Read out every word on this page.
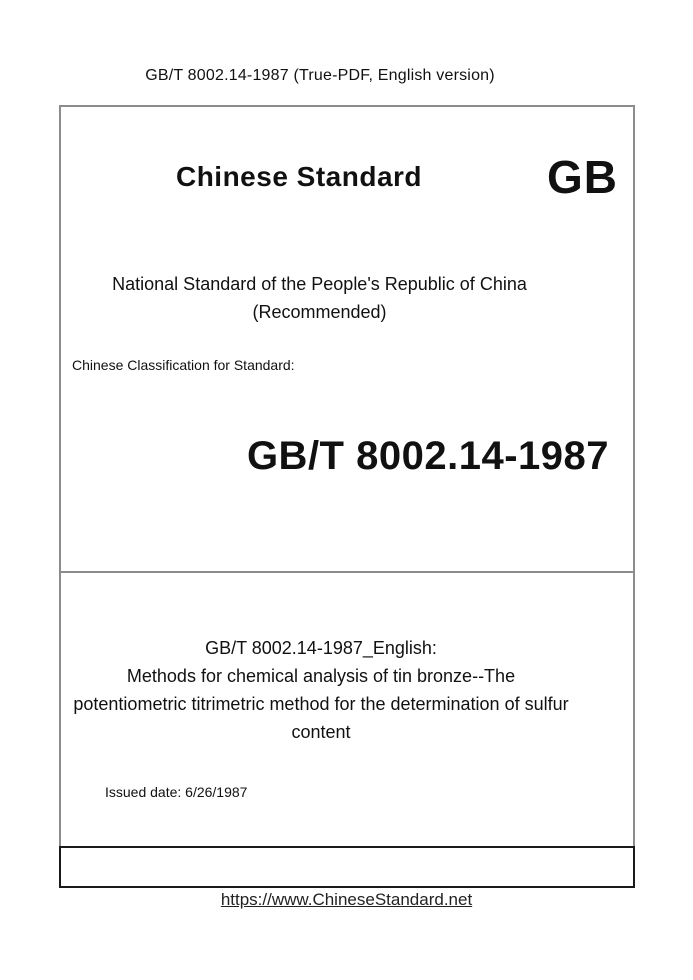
GB/T 8002.14-1987 (True-PDF, English version)
Chinese Standard	GB
National Standard of the People's Republic of China
(Recommended)
Chinese Classification for Standard:
GB/T 8002.14-1987
GB/T 8002.14-1987_English:
Methods for chemical analysis of tin bronze--The potentiometric titrimetric method for the determination of sulfur content
Issued date: 6/26/1987
https://www.ChineseStandard.net
